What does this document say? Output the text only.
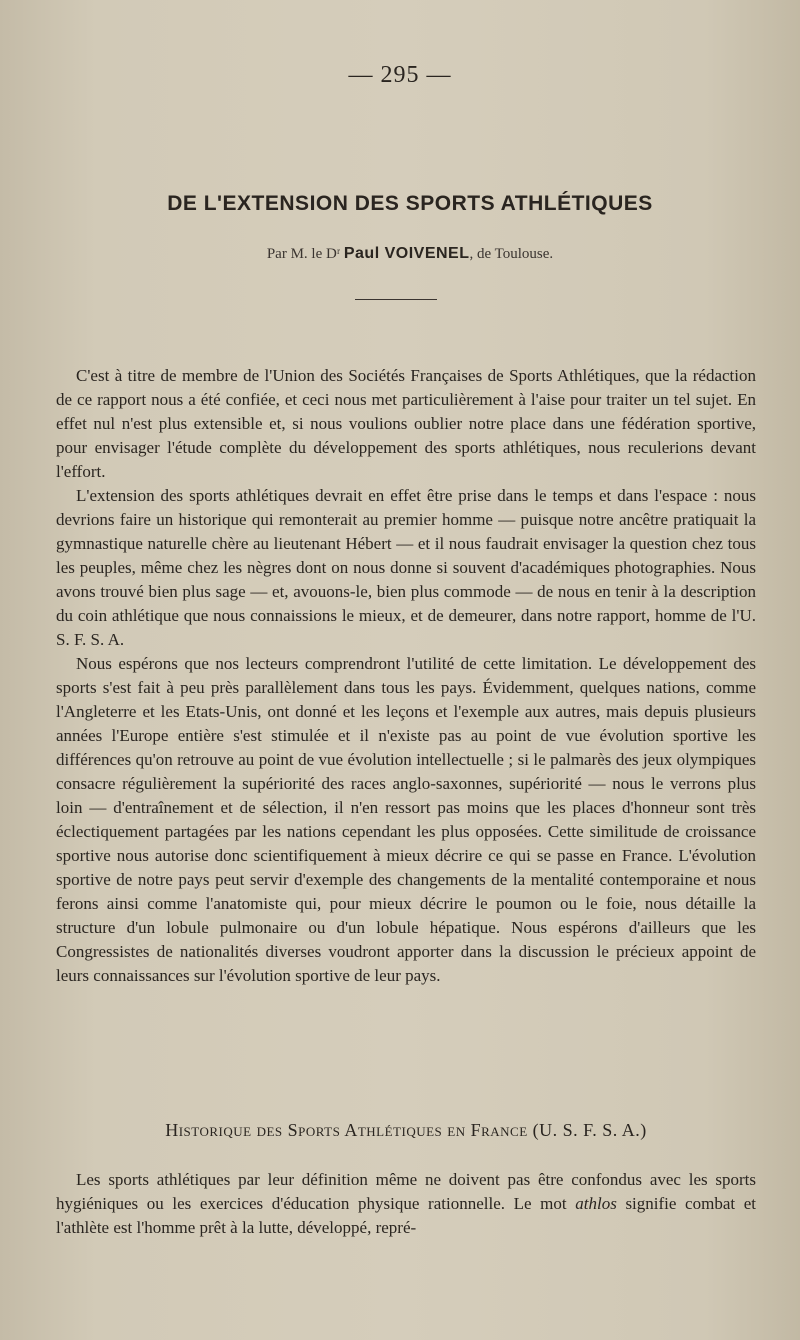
— 295 —
DE L'EXTENSION DES SPORTS ATHLÉTIQUES
Par M. le Dʳ Paul VOIVENEL, de Toulouse.

C'est à titre de membre de l'Union des Sociétés Françaises de Sports Athlétiques, que la rédaction de ce rapport nous a été confiée, et ceci nous met particulièrement à l'aise pour traiter un tel sujet. En effet nul n'est plus extensible et, si nous voulions oublier notre place dans une fédération sportive, pour envisager l'étude complète du développement des sports athlétiques, nous reculerions devant l'effort.

L'extension des sports athlétiques devrait en effet être prise dans le temps et dans l'espace : nous devrions faire un historique qui remonterait au premier homme — puisque notre ancêtre pratiquait la gymnastique naturelle chère au lieutenant Hébert — et il nous faudrait envisager la question chez tous les peuples, même chez les nègres dont on nous donne si souvent d'académiques photographies. Nous avons trouvé bien plus sage — et, avouons-le, bien plus commode — de nous en tenir à la description du coin athlétique que nous connaissions le mieux, et de demeurer, dans notre rapport, homme de l'U. S. F. S. A.

Nous espérons que nos lecteurs comprendront l'utilité de cette limitation. Le développement des sports s'est fait à peu près parallèlement dans tous les pays. Évidemment, quelques nations, comme l'Angleterre et les Etats-Unis, ont donné et les leçons et l'exemple aux autres, mais depuis plusieurs années l'Europe entière s'est stimulée et il n'existe pas au point de vue évolution sportive les différences qu'on retrouve au point de vue évolution intellectuelle ; si le palmarès des jeux olympiques consacre régulièrement la supériorité des races anglo-saxonnes, supériorité — nous le verrons plus loin — d'entraînement et de sélection, il n'en ressort pas moins que les places d'honneur sont très éclectiquement partagées par les nations cependant les plus opposées. Cette similitude de croissance sportive nous autorise donc scientifiquement à mieux décrire ce qui se passe en France. L'évolution sportive de notre pays peut servir d'exemple des changements de la mentalité contemporaine et nous ferons ainsi comme l'anatomiste qui, pour mieux décrire le poumon ou le foie, nous détaille la structure d'un lobule pulmonaire ou d'un lobule hépatique. Nous espérons d'ailleurs que les Congressistes de nationalités diverses voudront apporter dans la discussion le précieux appoint de leurs connaissances sur l'évolution sportive de leur pays.

Historique des Sports Athlétiques en France (U. S. F. S. A.)

Les sports athlétiques par leur définition même ne doivent pas être confondus avec les sports hygiéniques ou les exercices d'éducation physique rationnelle. Le mot athlos signifie combat et l'athlète est l'homme prêt à la lutte, développé, repré-
